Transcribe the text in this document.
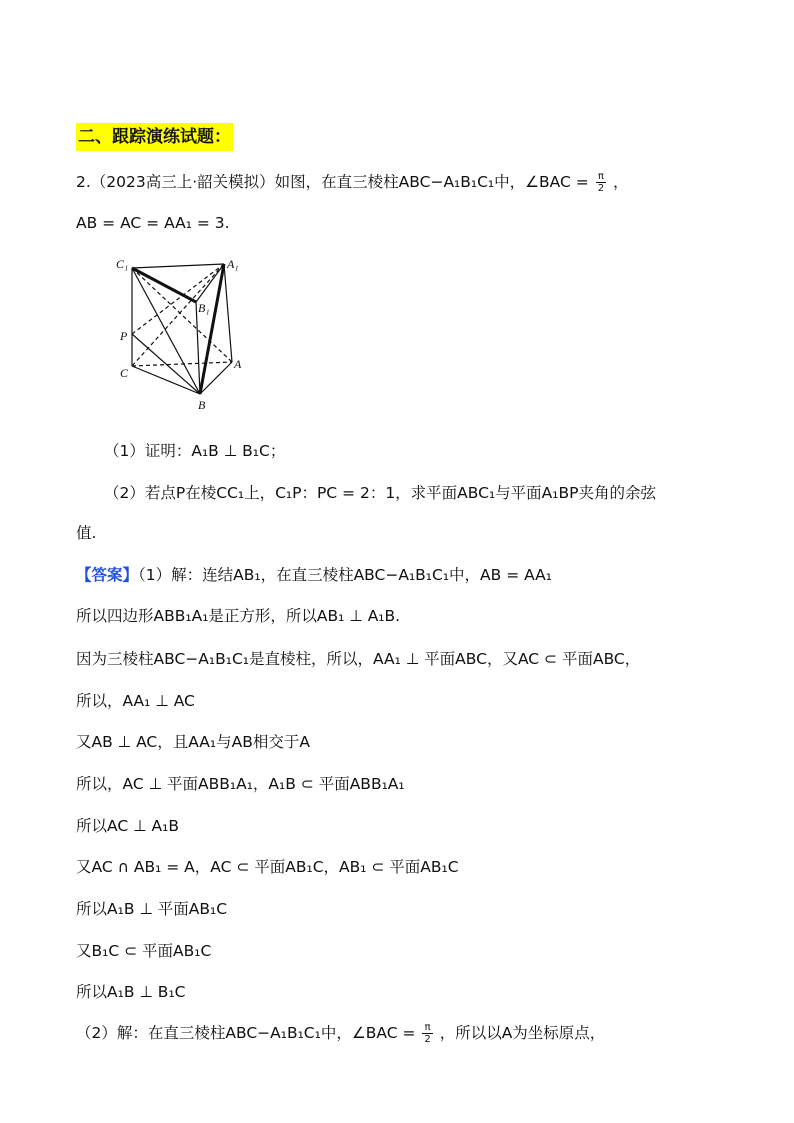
二、跟踪演练试题：
2.（2023高三上·韶关模拟）如图，在直三棱柱ABC−A₁B₁C₁中，∠BAC = $\frac{\pi}{2}$ ，
AB = AC = AA₁ = 3.
C₁	A₁
B₁
P
C
A
B
（1）证明：A₁B ⊥ B₁C；
（2）若点P在棱CC₁上，C₁P：PC = 2：1，求平面ABC₁与平面A₁BP夹角的余弦
值.
【答案】（1）解：连结AB₁，在直三棱柱ABC−A₁B₁C₁中，AB = AA₁
所以四边形ABB₁A₁是正方形，所以AB₁ ⊥ A₁B.
因为三棱柱ABC−A₁B₁C₁是直棱柱，所以，AA₁ ⊥ 平面ABC，又AC ⊂ 平面ABC，
所以，AA₁ ⊥ AC
又AB ⊥ AC，且AA₁与AB相交于A
所以，AC ⊥ 平面ABB₁A₁，A₁B ⊂ 平面ABB₁A₁
所以AC ⊥ A₁B
又AC ∩ AB₁ = A，AC ⊂ 平面AB₁C，AB₁ ⊂ 平面AB₁C
所以A₁B ⊥ 平面AB₁C
又B₁C ⊂ 平面AB₁C
所以A₁B ⊥ B₁C
（2）解：在直三棱柱ABC−A₁B₁C₁中，∠BAC = $\frac{\pi}{2}$ ，所以以A为坐标原点，
